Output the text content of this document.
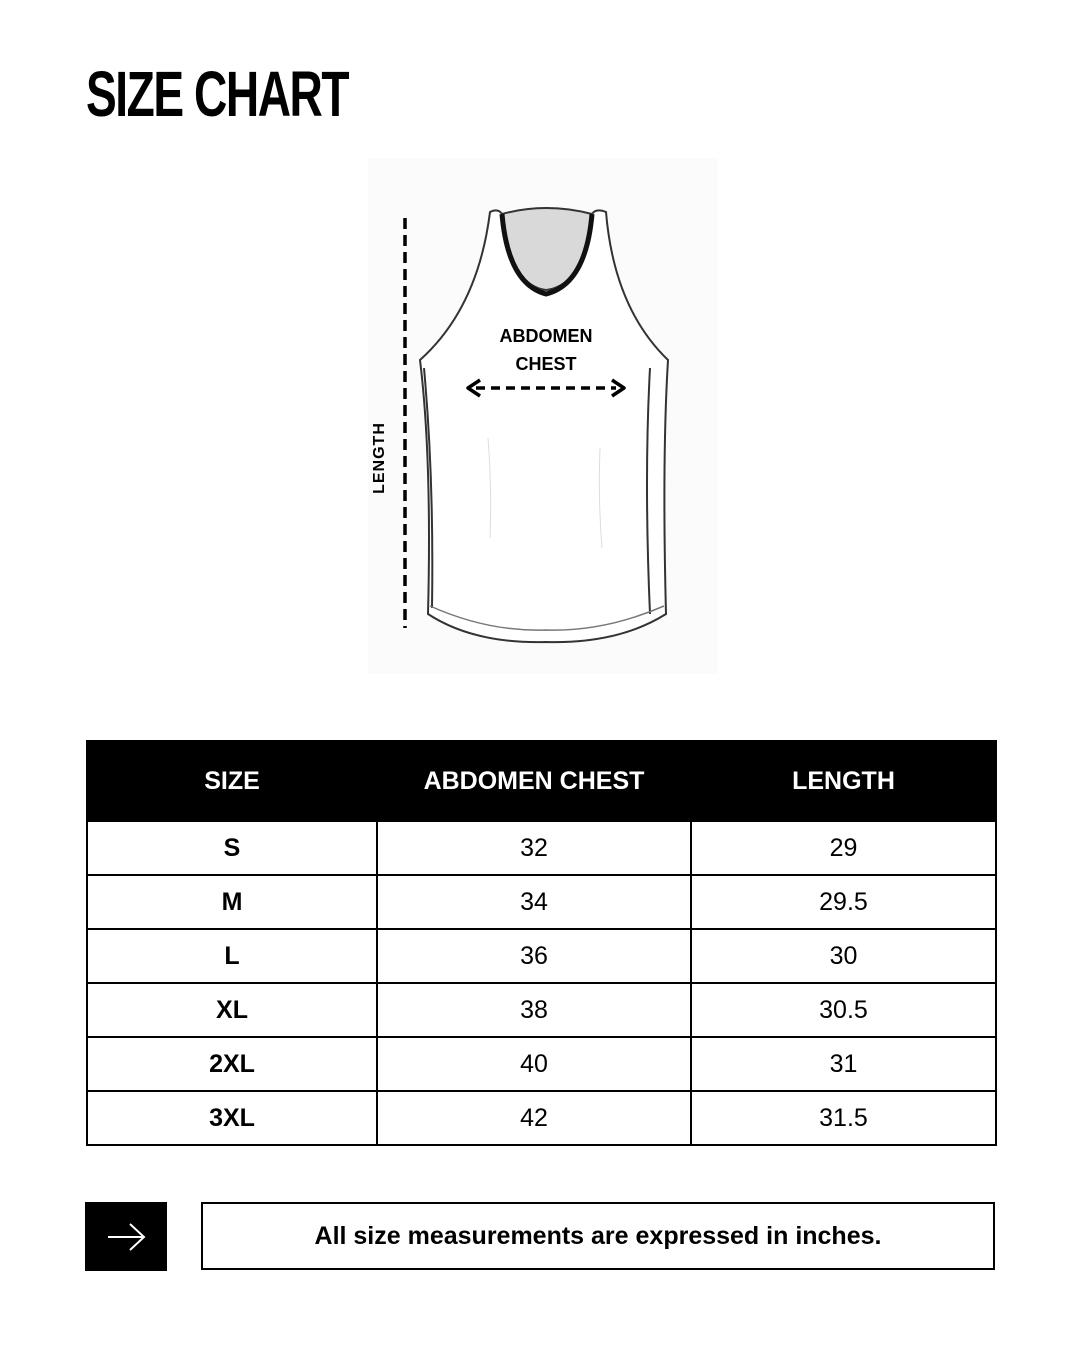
SIZE CHART
ABDOMEN
CHEST
LENGTH
SIZE	ABDOMEN CHEST	LENGTH
S	32	29
M	34	29.5
L	36	30
XL	38	30.5
2XL	40	31
3XL	42	31.5
All size measurements are expressed in inches.
